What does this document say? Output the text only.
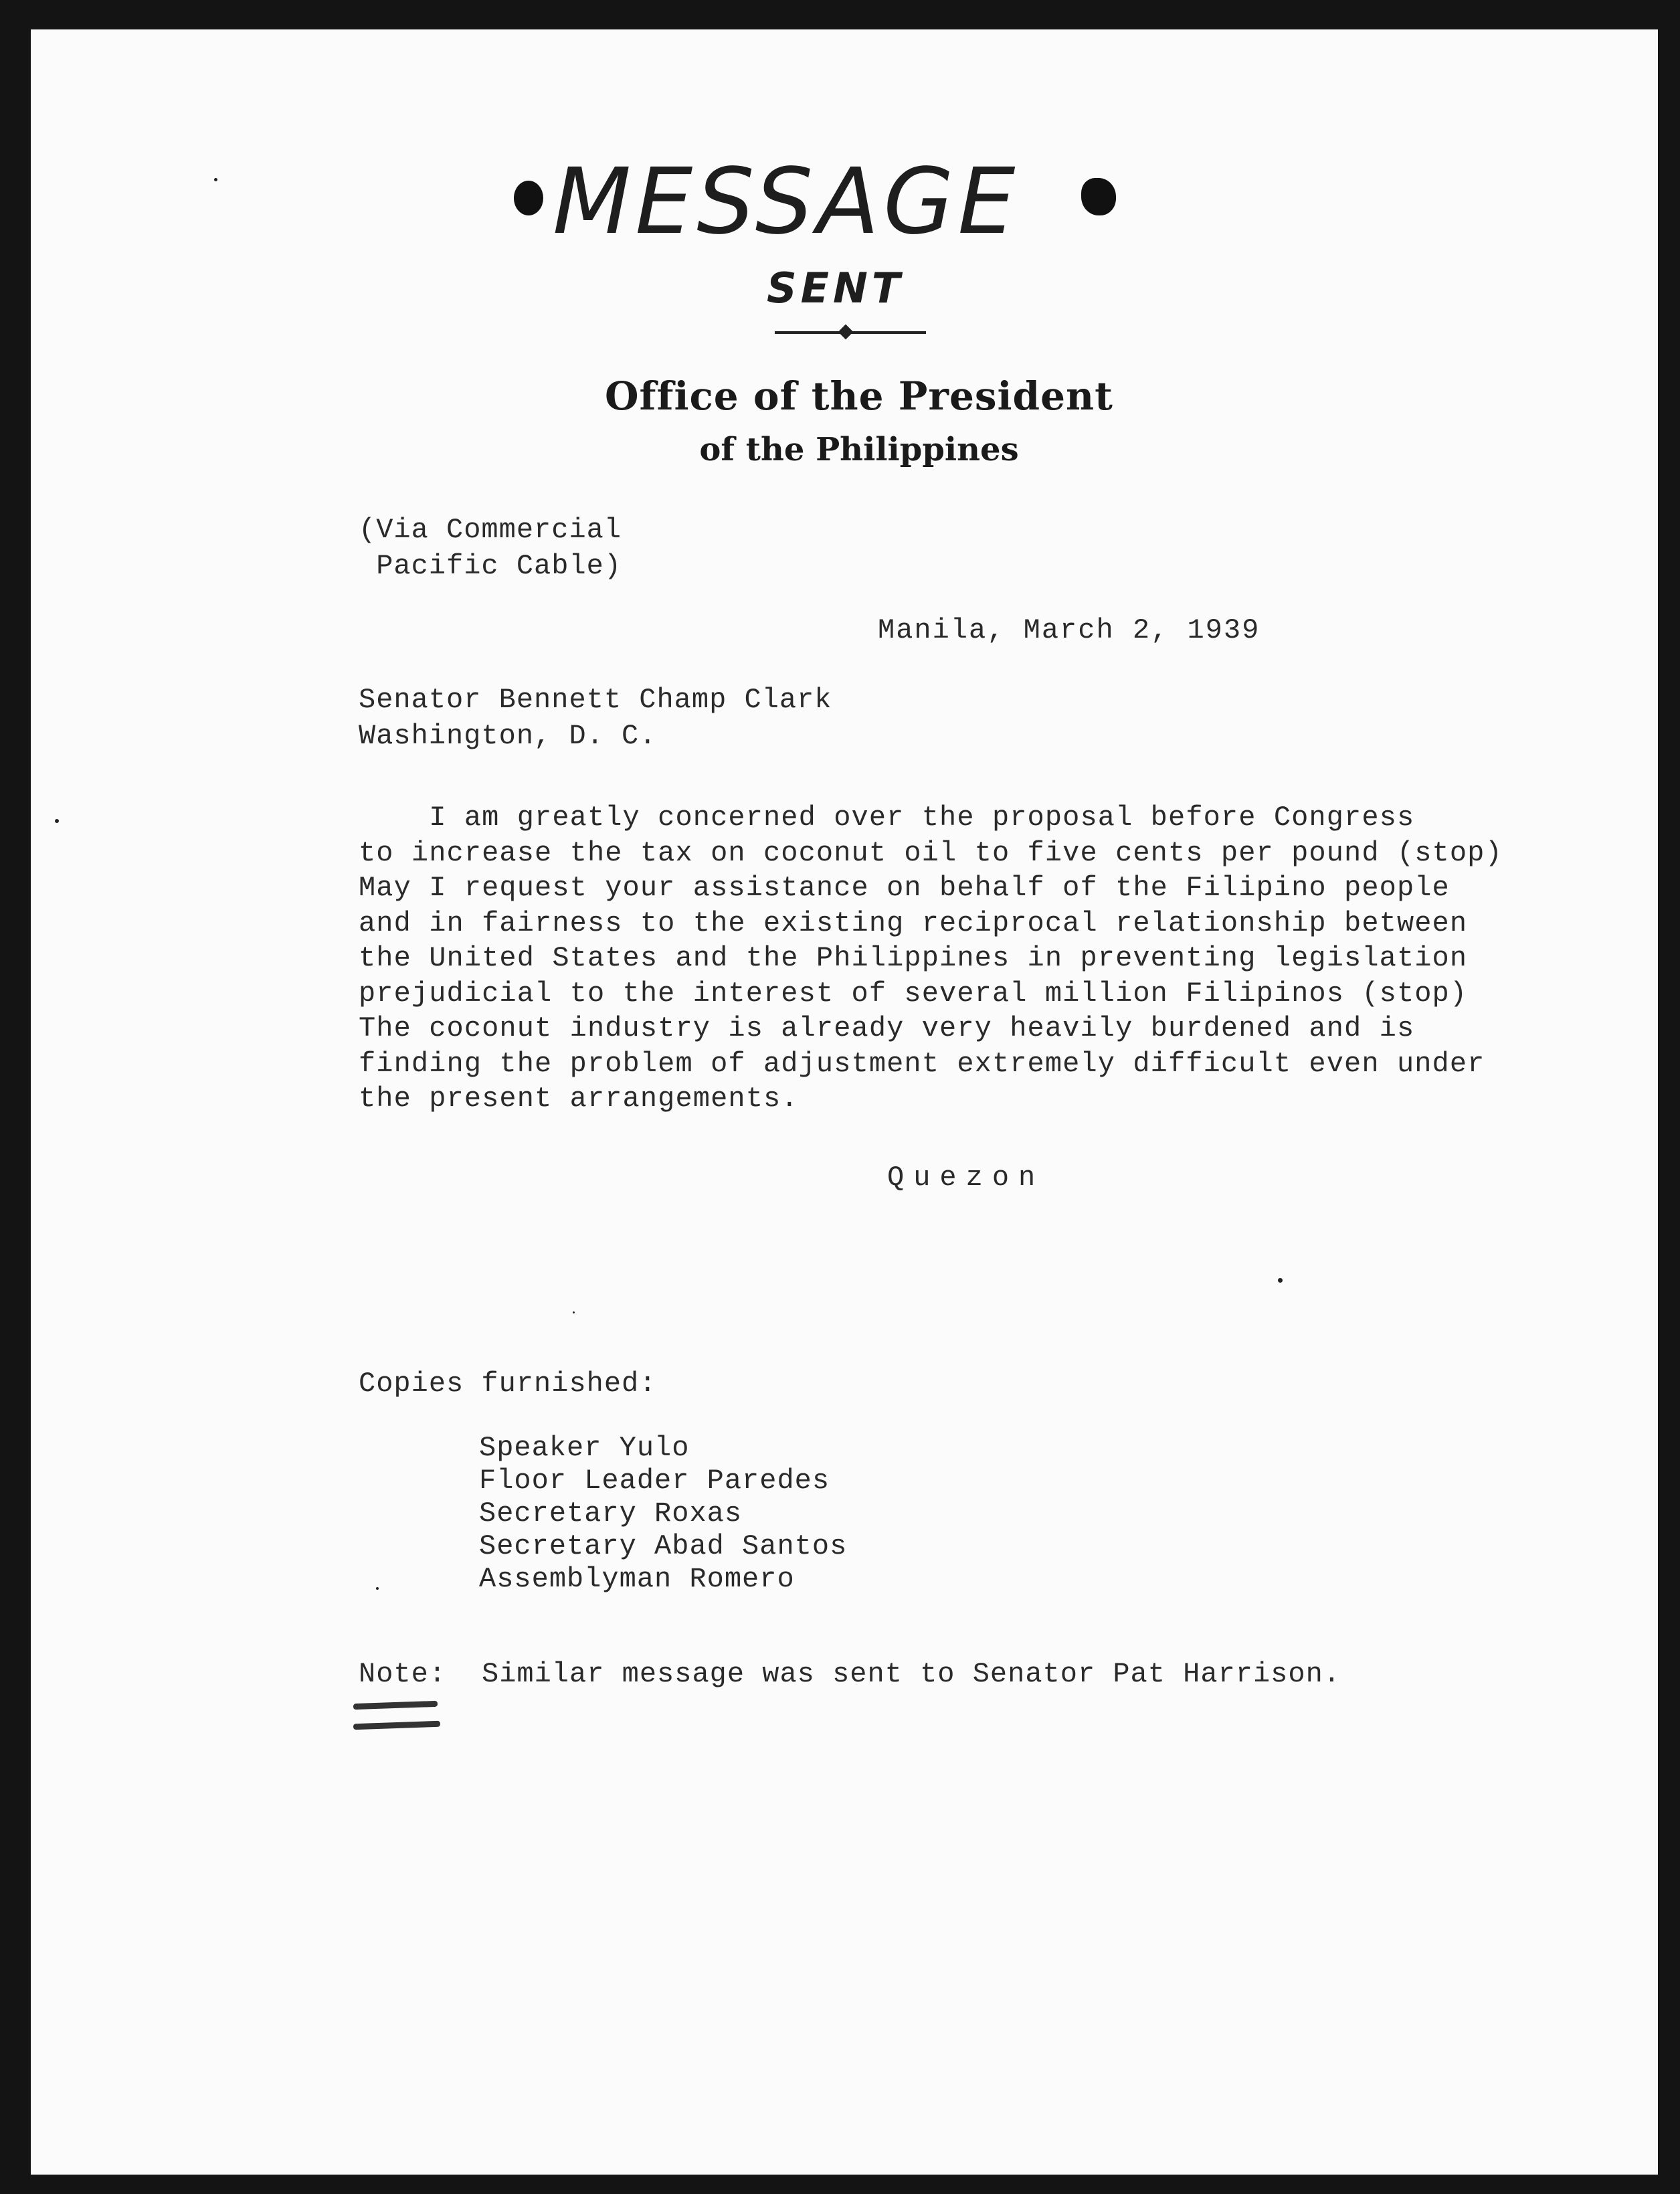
MESSAGE
SENT
Office of the President
of the Philippines
(Via Commercial
Pacific Cable)
Manila, March 2, 1939
Senator Bennett Champ Clark
Washington, D. C.
I am greatly concerned over the proposal before Congress
to increase the tax on coconut oil to five cents per pound (stop)
May I request your assistance on behalf of the Filipino people
and in fairness to the existing reciprocal relationship between
the United States and the Philippines in preventing legislation
prejudicial to the interest of several million Filipinos (stop)
The coconut industry is already very heavily burdened and is
finding the problem of adjustment extremely difficult even under
the present arrangements.
Quezon
Copies furnished:
Speaker Yulo
Floor Leader Paredes
Secretary Roxas
Secretary Abad Santos
Assemblyman Romero
Note: Similar message was sent to Senator Pat Harrison.
